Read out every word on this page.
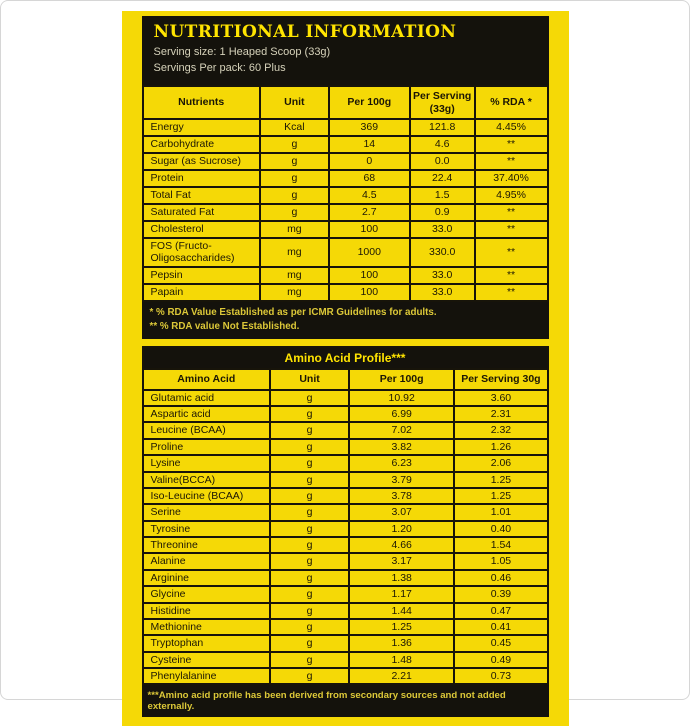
NUTRITIONAL INFORMATION
Serving size: 1 Heaped Scoop (33g)
Servings Per pack: 60 Plus
Nutrients	Unit	Per 100g	Per Serving (33g)	% RDA *
Energy	Kcal	369	121.8	4.45%
Carbohydrate	g	14	4.6	**
Sugar (as Sucrose)	g	0	0.0	**
Protein	g	68	22.4	37.40%
Total Fat	g	4.5	1.5	4.95%
Saturated Fat	g	2.7	0.9	**
Cholesterol	mg	100	33.0	**
FOS (Fructo-Oligosaccharides)	mg	1000	330.0	**
Pepsin	mg	100	33.0	**
Papain	mg	100	33.0	**
* % RDA Value Established as per ICMR Guidelines for adults.
** % RDA value Not Established.
Amino Acid Profile***			
Amino Acid	Unit	Per 100g	Per Serving 30g
Glutamic acid	g	10.92	3.60
Aspartic acid	g	6.99	2.31
Leucine (BCAA)	g	7.02	2.32
Proline	g	3.82	1.26
Lysine	g	6.23	2.06
Valine(BCCA)	g	3.79	1.25
Iso-Leucine (BCAA)	g	3.78	1.25
Serine	g	3.07	1.01
Tyrosine	g	1.20	0.40
Threonine	g	4.66	1.54
Alanine	g	3.17	1.05
Arginine	g	1.38	0.46
Glycine	g	1.17	0.39
Histidine	g	1.44	0.47
Methionine	g	1.25	0.41
Tryptophan	g	1.36	0.45
Cysteine	g	1.48	0.49
Phenylalanine	g	2.21	0.73
***Amino acid profile has been derived from secondary sources and not added externally.
